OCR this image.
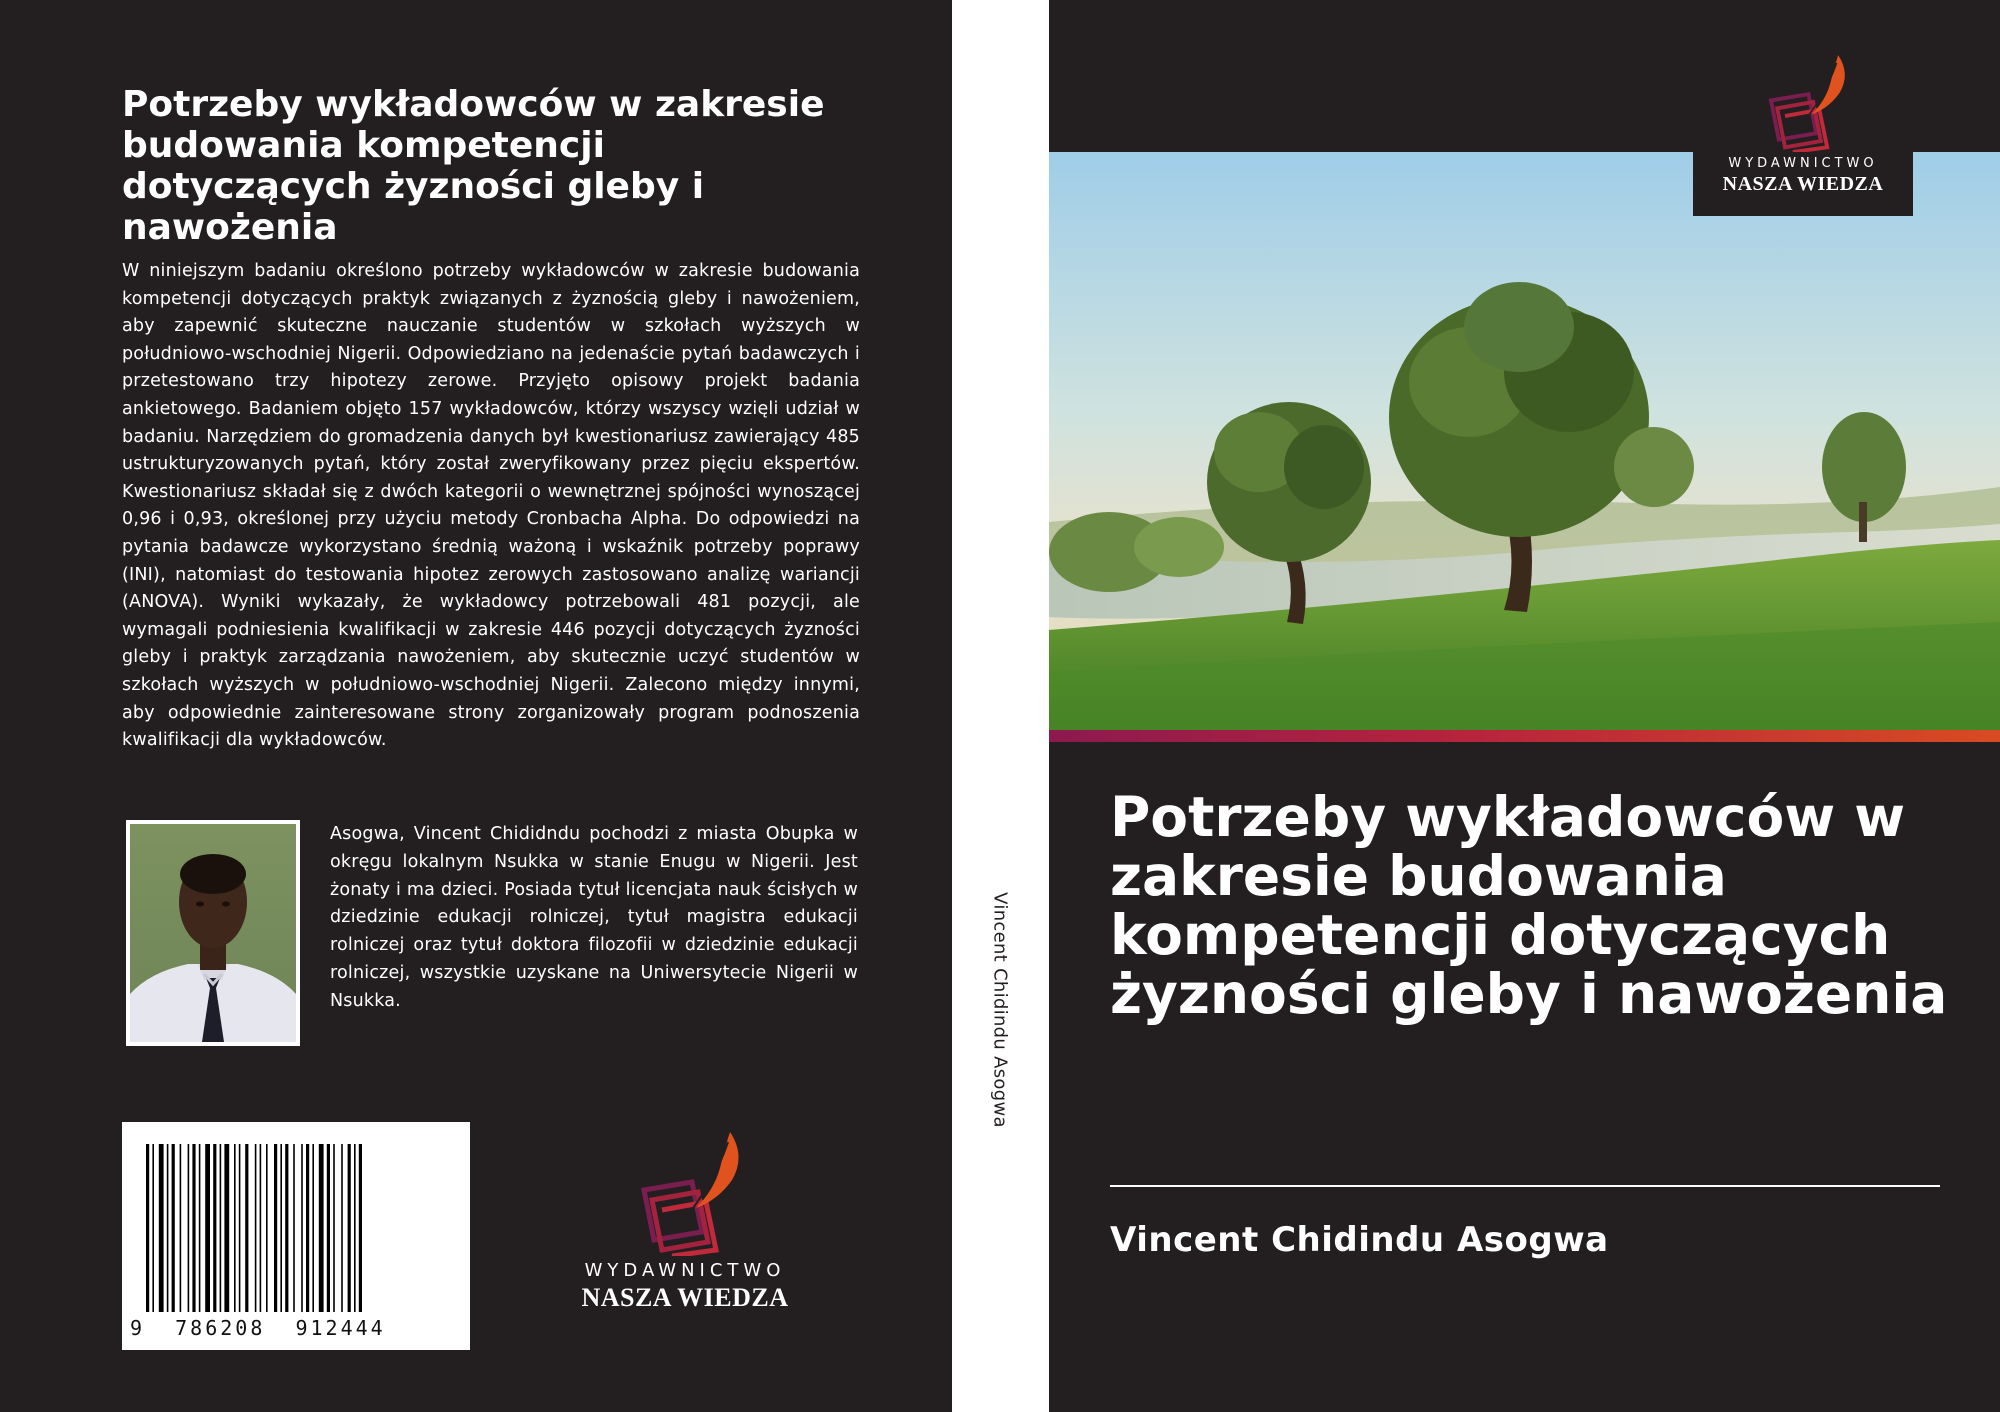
Potrzeby wykładowców w zakresie budowania kompetencji dotyczących żyzności gleby i nawożenia

W niniejszym badaniu określono potrzeby wykładowców w zakresie budowania kompetencji dotyczących praktyk związanych z żyznością gleby i nawożeniem, aby zapewnić skuteczne nauczanie studentów w szkołach wyższych w południowo-wschodniej Nigerii. Odpowiedziano na jedenaście pytań badawczych i przetestowano trzy hipotezy zerowe. Przyjęto opisowy projekt badania ankietowego. Badaniem objęto 157 wykładowców, którzy wszyscy wzięli udział w badaniu. Narzędziem do gromadzenia danych był kwestionariusz zawierający 485 ustrukturyzowanych pytań, który został zweryfikowany przez pięciu ekspertów. Kwestionariusz składał się z dwóch kategorii o wewnętrznej spójności wynoszącej 0,96 i 0,93, określonej przy użyciu metody Cronbacha Alpha. Do odpowiedzi na pytania badawcze wykorzystano średnią ważoną i wskaźnik potrzeby poprawy (INI), natomiast do testowania hipotez zerowych zastosowano analizę wariancji (ANOVA). Wyniki wykazały, że wykładowcy potrzebowali 481 pozycji, ale wymagali podniesienia kwalifikacji w zakresie 446 pozycji dotyczących żyzności gleby i praktyk zarządzania nawożeniem, aby skutecznie uczyć studentów w szkołach wyższych w południowo-wschodniej Nigerii. Zalecono między innymi, aby odpowiednie zainteresowane strony zorganizowały program podnoszenia kwalifikacji dla wykładowców.

Asogwa, Vincent Chididndu pochodzi z miasta Obupka w okręgu lokalnym Nsukka w stanie Enugu w Nigerii. Jest żonaty i ma dzieci. Posiada tytuł licencjata nauk ścisłych w dziedzinie edukacji rolniczej, tytuł magistra edukacji rolniczej oraz tytuł doktora filozofii w dziedzinie edukacji rolniczej, wszystkie uzyskane na Uniwersytecie Nigerii w Nsukka.

9  786208  912444
WYDAWNICTWO
NASZA WIEDZA
Vincent Chidindu Asogwa
WYDAWNICTWO
NASZA WIEDZA
Potrzeby wykładowców w zakresie budowania kompetencji dotyczących żyzności gleby i nawożenia

Vincent Chidindu Asogwa
